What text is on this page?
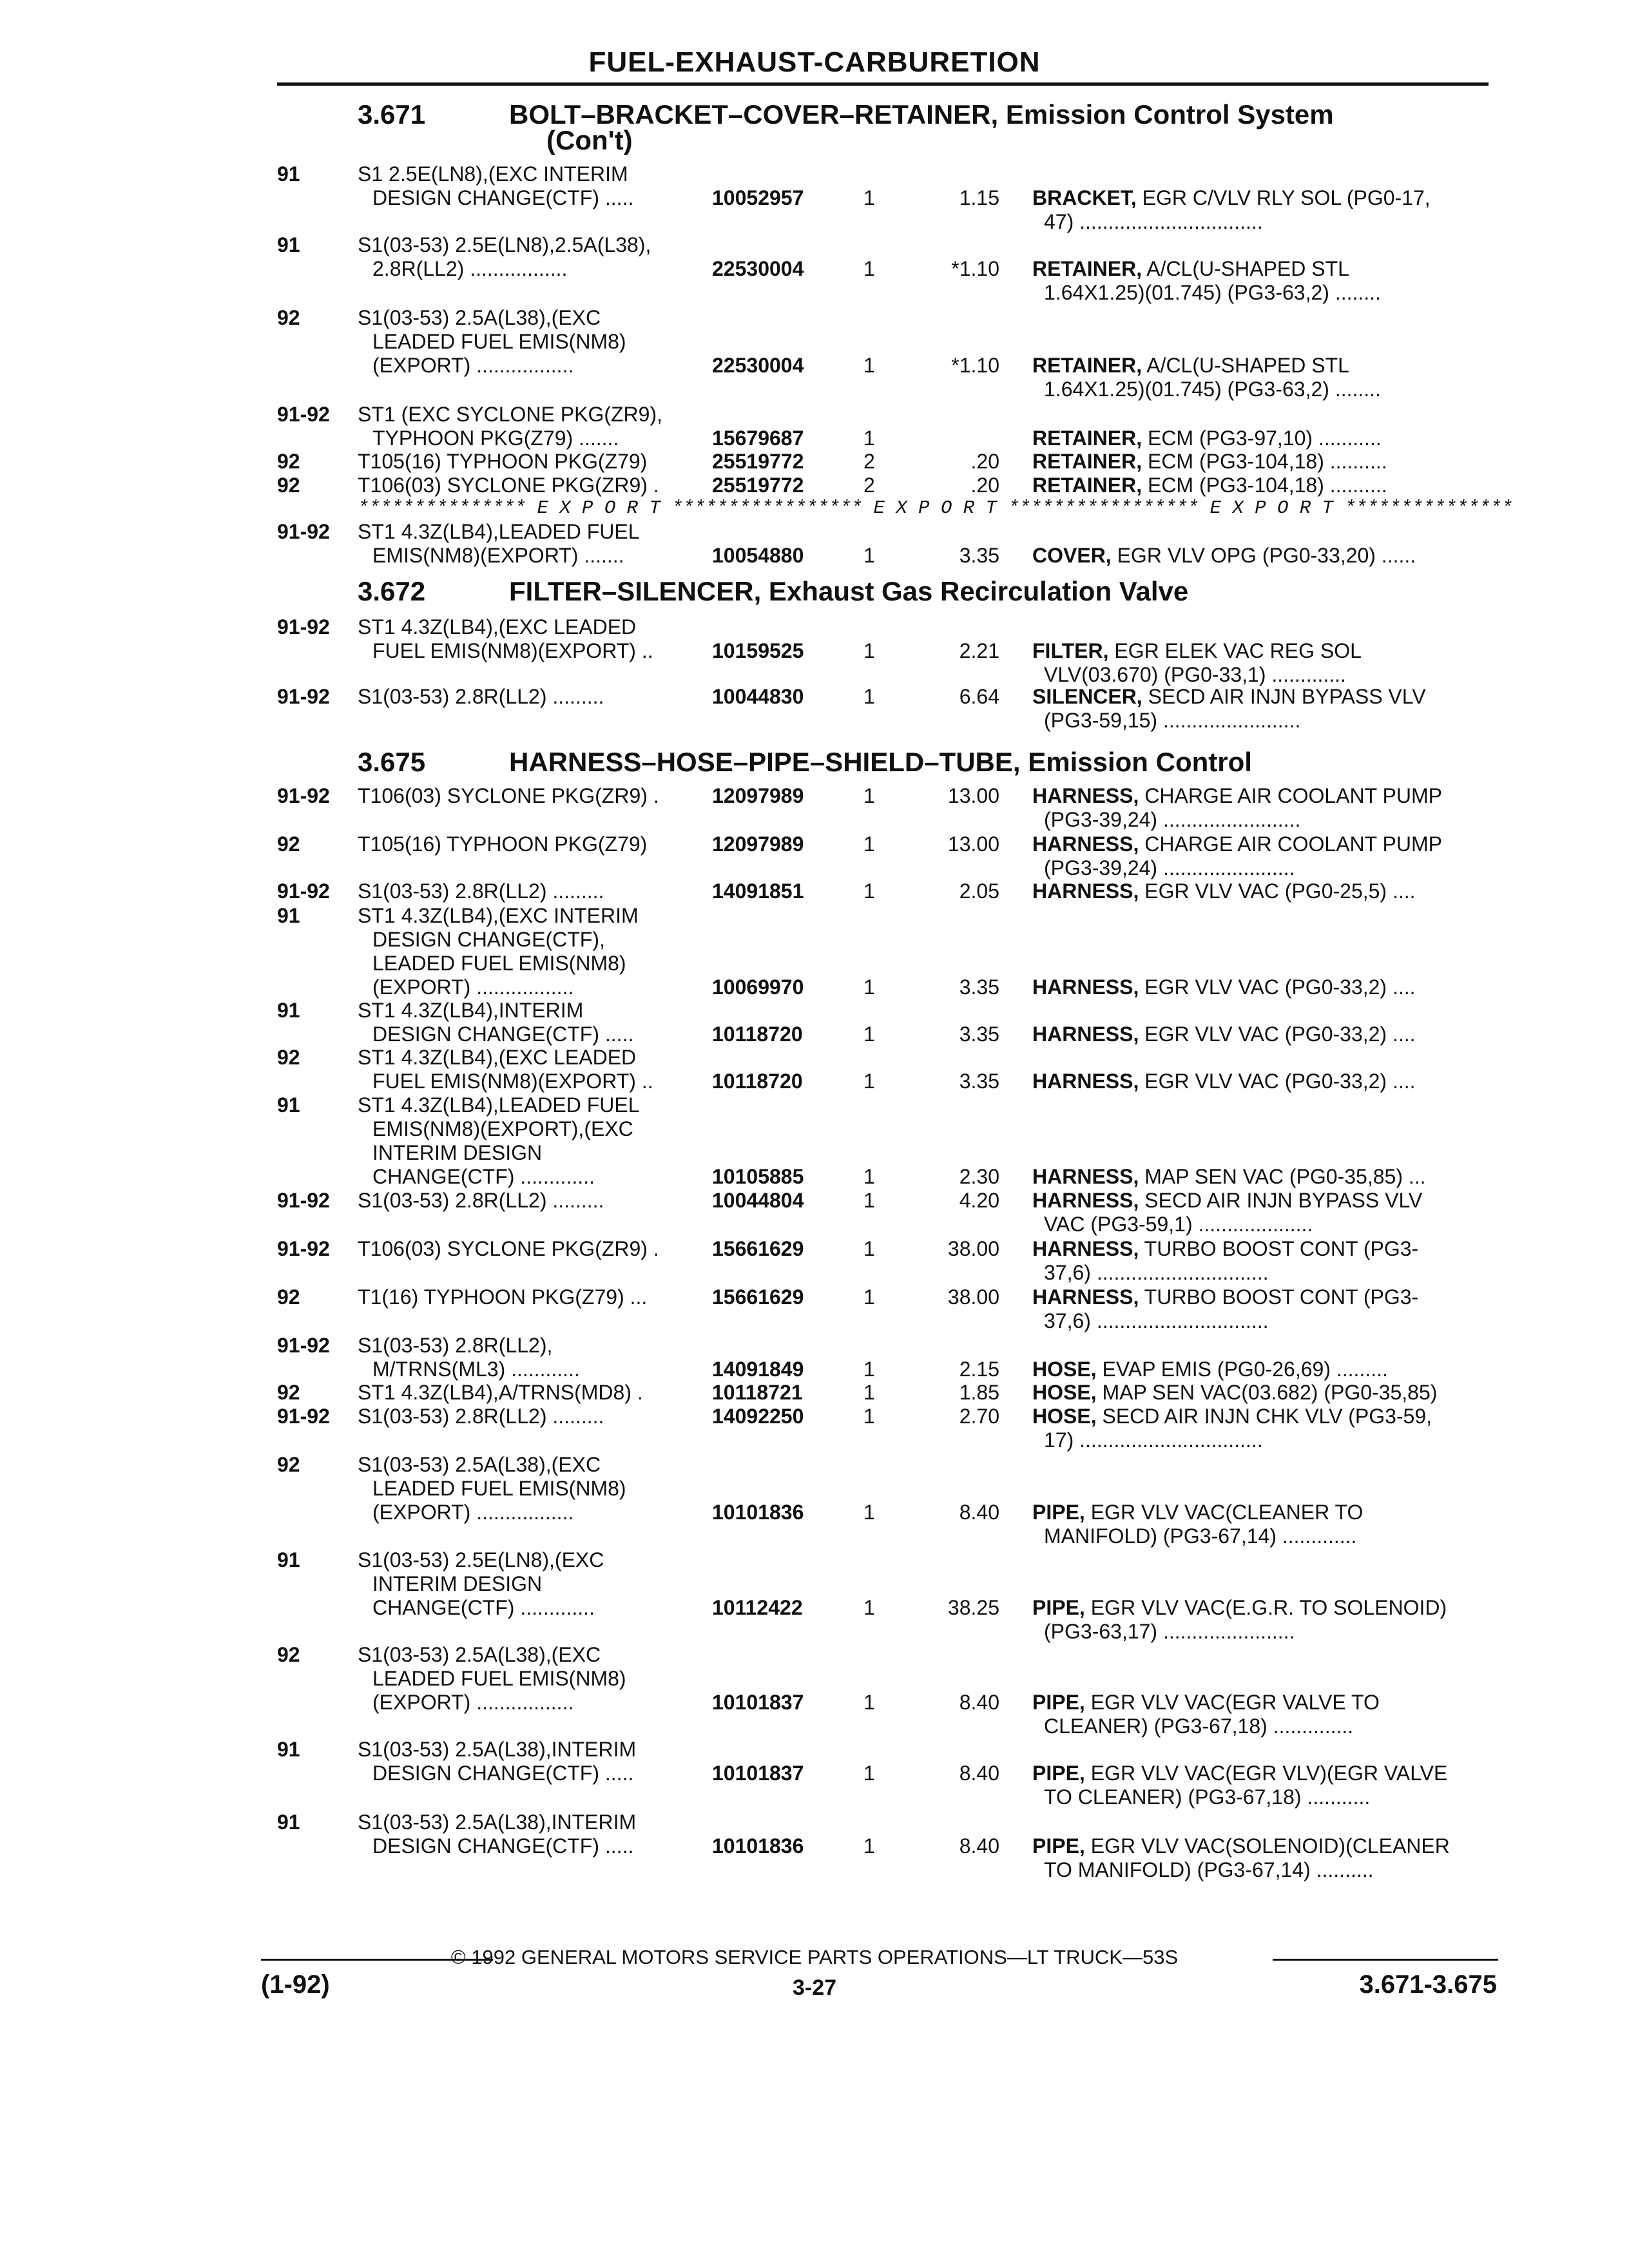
FUEL-EXHAUST-CARBURETION
3.671	BOLT–BRACKET–COVER–RETAINER, Emission Control System
(Con't)
91	S1 2.5E(LN8),(EXC INTERIM
DESIGN CHANGE(CTF) .....	10052957	1	1.15 BRACKET, EGR C/VLV RLY SOL (PG0-17,
47) ................................
91	S1(03-53) 2.5E(LN8),2.5A(L38),
2.8R(LL2) .................	22530004	1	*1.10 RETAINER, A/CL(U-SHAPED STL
1.64X1.25)(01.745) (PG3-63,2) ........
92	S1(03-53) 2.5A(L38),(EXC
LEADED FUEL EMIS(NM8)
(EXPORT) .................	22530004	1	*1.10 RETAINER, A/CL(U-SHAPED STL
1.64X1.25)(01.745) (PG3-63,2) ........
91-92 ST1 (EXC SYCLONE PKG(ZR9),
TYPHOON PKG(Z79) .......	15679687	1	RETAINER, ECM (PG3-97,10) ...........
92	T105(16) TYPHOON PKG(Z79)	25519772	2	.20 RETAINER, ECM (PG3-104,18) ..........
92	T106(03) SYCLONE PKG(ZR9) .	25519772	2	.20 RETAINER, ECM (PG3-104,18) ..........
*************** E X P O R T ***************** E X P O R T ***************** E X P O R T ***************
91-92 ST1 4.3Z(LB4),LEADED FUEL
EMIS(NM8)(EXPORT) .......	10054880	1	3.35 COVER, EGR VLV OPG (PG0-33,20) ......
3.672	FILTER–SILENCER, Exhaust Gas Recirculation Valve
91-92 ST1 4.3Z(LB4),(EXC LEADED
FUEL EMIS(NM8)(EXPORT) ..	10159525	1	2.21 FILTER, EGR ELEK VAC REG SOL
VLV(03.670) (PG0-33,1) .............
91-92 S1(03-53) 2.8R(LL2) .........	10044830	1	6.64 SILENCER, SECD AIR INJN BYPASS VLV
(PG3-59,15) ........................
3.675	HARNESS–HOSE–PIPE–SHIELD–TUBE, Emission Control
91-92 T106(03) SYCLONE PKG(ZR9) .	12097989	1	13.00 HARNESS, CHARGE AIR COOLANT PUMP
(PG3-39,24) ........................
92	T105(16) TYPHOON PKG(Z79)	12097989	1	13.00 HARNESS, CHARGE AIR COOLANT PUMP
(PG3-39,24) .......................
91-92 S1(03-53) 2.8R(LL2) .........	14091851	1	2.05 HARNESS, EGR VLV VAC (PG0-25,5) ....
91	ST1 4.3Z(LB4),(EXC INTERIM
DESIGN CHANGE(CTF),
LEADED FUEL EMIS(NM8)
(EXPORT) .................	10069970	1	3.35 HARNESS, EGR VLV VAC (PG0-33,2) ....
91	ST1 4.3Z(LB4),INTERIM
DESIGN CHANGE(CTF) .....	10118720	1	3.35 HARNESS, EGR VLV VAC (PG0-33,2) ....
92	ST1 4.3Z(LB4),(EXC LEADED
FUEL EMIS(NM8)(EXPORT) ..	10118720	1	3.35 HARNESS, EGR VLV VAC (PG0-33,2) ....
91	ST1 4.3Z(LB4),LEADED FUEL
EMIS(NM8)(EXPORT),(EXC
INTERIM DESIGN
CHANGE(CTF) .............	10105885	1	2.30 HARNESS, MAP SEN VAC (PG0-35,85) ...
91-92 S1(03-53) 2.8R(LL2) .........	10044804	1	4.20 HARNESS, SECD AIR INJN BYPASS VLV
VAC (PG3-59,1) ....................
91-92 T106(03) SYCLONE PKG(ZR9) .	15661629	1	38.00 HARNESS, TURBO BOOST CONT (PG3-
37,6) ..............................
92	T1(16) TYPHOON PKG(Z79) ...	15661629	1	38.00 HARNESS, TURBO BOOST CONT (PG3-
37,6) ..............................
91-92 S1(03-53) 2.8R(LL2),
M/TRNS(ML3) ............	14091849	1	2.15 HOSE, EVAP EMIS (PG0-26,69) .........
92	ST1 4.3Z(LB4),A/TRNS(MD8) .	10118721	1	1.85 HOSE, MAP SEN VAC(03.682) (PG0-35,85)
91-92 S1(03-53) 2.8R(LL2) .........	14092250	1	2.70 HOSE, SECD AIR INJN CHK VLV (PG3-59,
17) ................................
92	S1(03-53) 2.5A(L38),(EXC
LEADED FUEL EMIS(NM8)
(EXPORT) .................	10101836	1	8.40 PIPE, EGR VLV VAC(CLEANER TO
MANIFOLD) (PG3-67,14) .............
91	S1(03-53) 2.5E(LN8),(EXC
INTERIM DESIGN
CHANGE(CTF) .............	10112422	1	38.25 PIPE, EGR VLV VAC(E.G.R. TO SOLENOID)
(PG3-63,17) .......................
92	S1(03-53) 2.5A(L38),(EXC
LEADED FUEL EMIS(NM8)
(EXPORT) .................	10101837	1	8.40 PIPE, EGR VLV VAC(EGR VALVE TO
CLEANER) (PG3-67,18) ..............
91	S1(03-53) 2.5A(L38),INTERIM
DESIGN CHANGE(CTF) .....	10101837	1	8.40 PIPE, EGR VLV VAC(EGR VLV)(EGR VALVE
TO CLEANER) (PG3-67,18) ...........
91	S1(03-53) 2.5A(L38),INTERIM
DESIGN CHANGE(CTF) .....	10101836	1	8.40 PIPE, EGR VLV VAC(SOLENOID)(CLEANER
TO MANIFOLD) (PG3-67,14) ..........
© 1992 GENERAL MOTORS SERVICE PARTS OPERATIONS—LT TRUCK—53S
(1-92)	3-27	3.671-3.675
